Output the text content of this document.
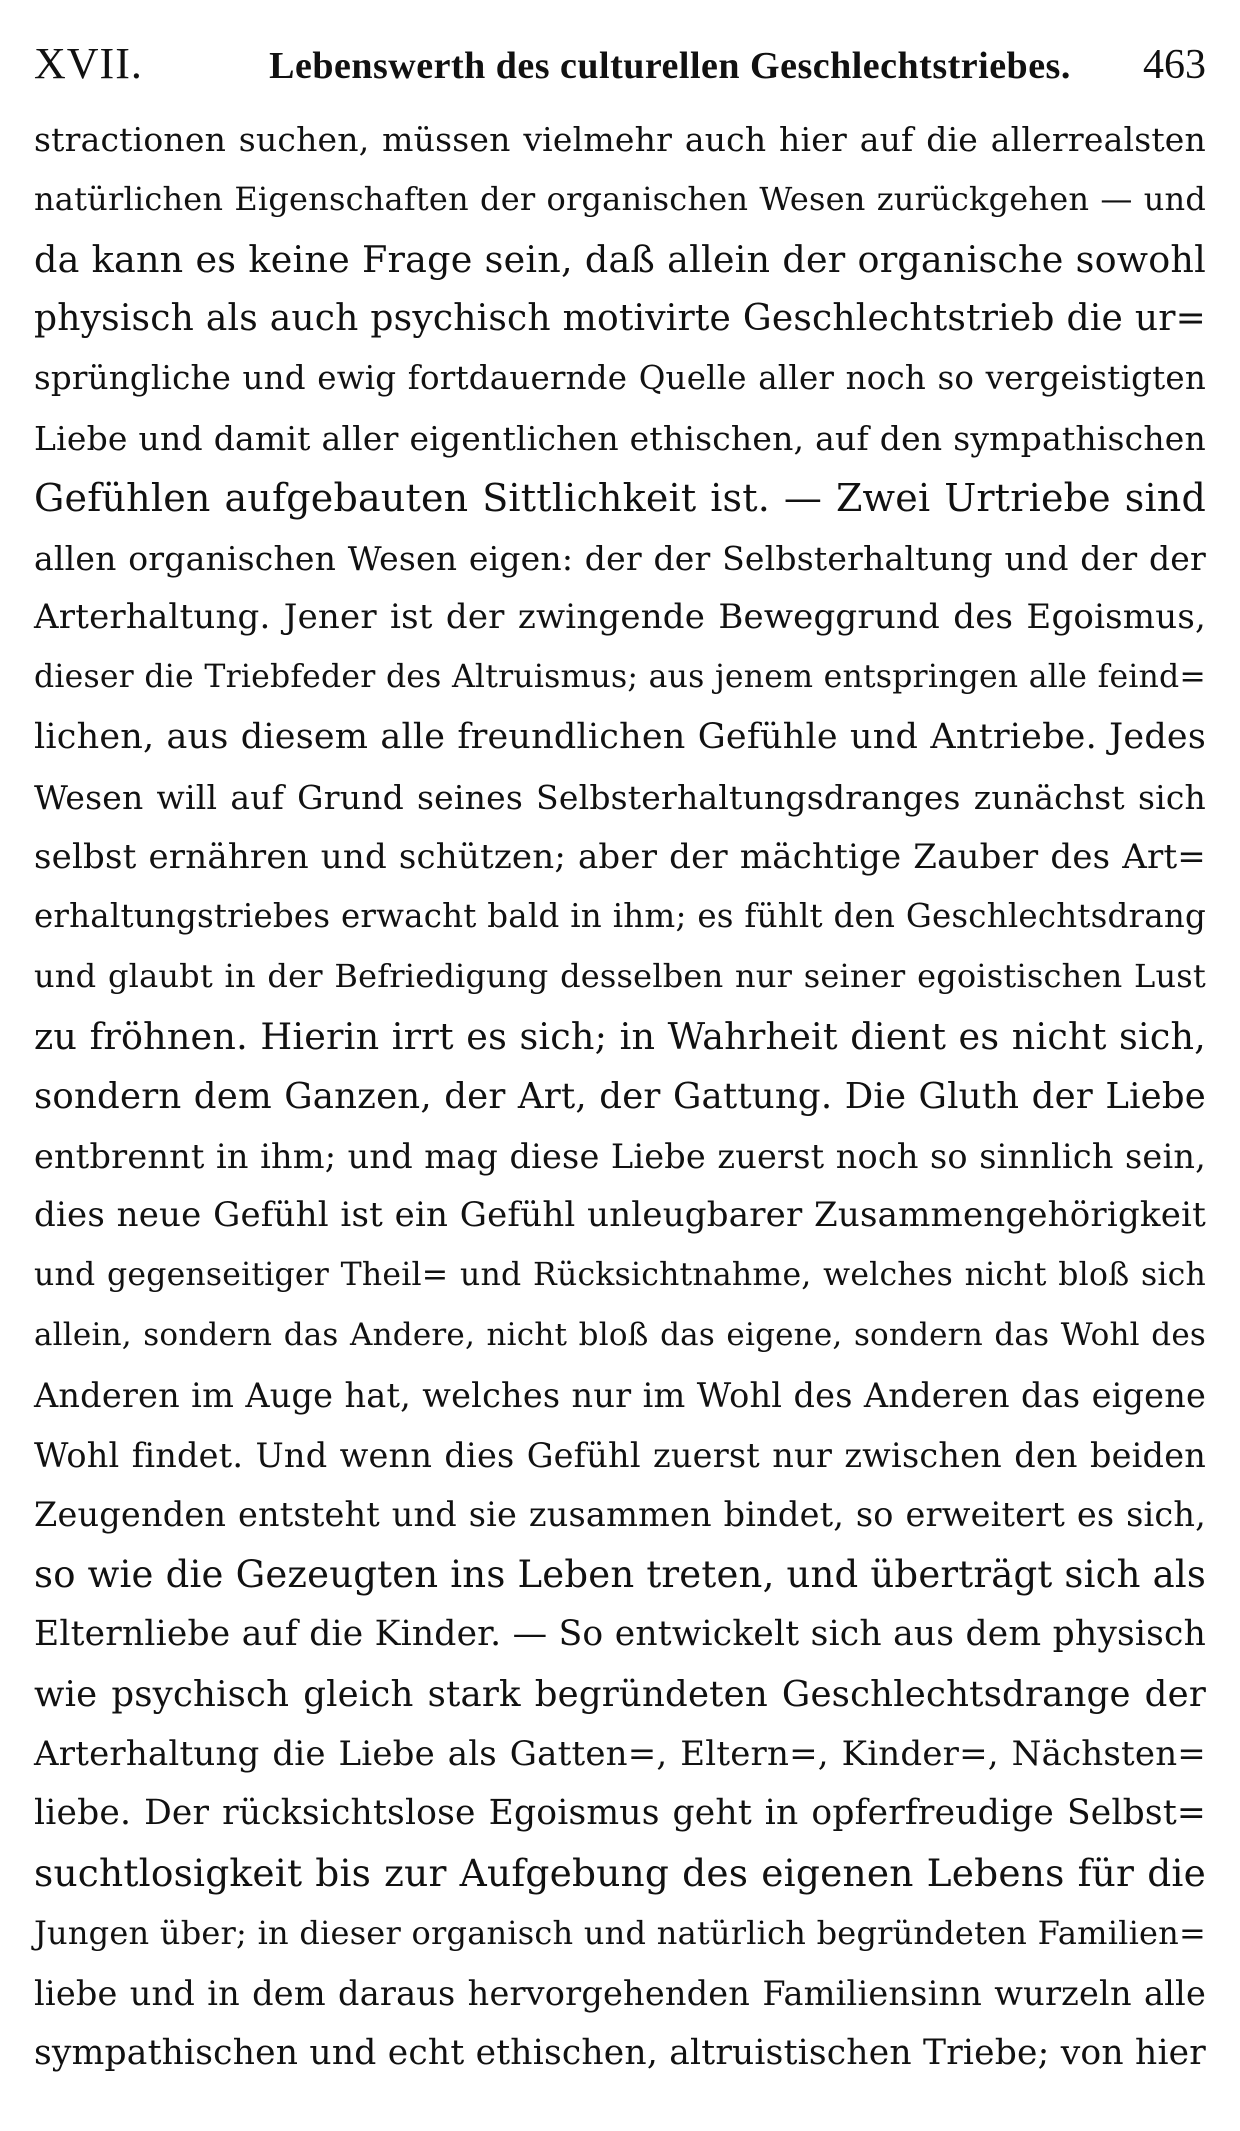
XVII.	Lebenswerth des culturellen Geschlechtstriebes.	463
stractionen suchen, müssen vielmehr auch hier auf die allerrealsten
natürlichen Eigenschaften der organischen Wesen zurückgehen — und
da kann es keine Frage sein, daß allein der organische sowohl
physisch als auch psychisch motivirte Geschlechtstrieb die ur=
sprüngliche und ewig fortdauernde Quelle aller noch so vergeistigten
Liebe und damit aller eigentlichen ethischen, auf den sympathischen
Gefühlen aufgebauten Sittlichkeit ist. — Zwei Urtriebe sind
allen organischen Wesen eigen: der der Selbsterhaltung und der der
Arterhaltung. Jener ist der zwingende Beweggrund des Egoismus,
dieser die Triebfeder des Altruismus; aus jenem entspringen alle feind=
lichen, aus diesem alle freundlichen Gefühle und Antriebe. Jedes
Wesen will auf Grund seines Selbsterhaltungsdranges zunächst sich
selbst ernähren und schützen; aber der mächtige Zauber des Art=
erhaltungstriebes erwacht bald in ihm; es fühlt den Geschlechtsdrang
und glaubt in der Befriedigung desselben nur seiner egoistischen Lust
zu fröhnen. Hierin irrt es sich; in Wahrheit dient es nicht sich,
sondern dem Ganzen, der Art, der Gattung. Die Gluth der Liebe
entbrennt in ihm; und mag diese Liebe zuerst noch so sinnlich sein,
dies neue Gefühl ist ein Gefühl unleugbarer Zusammengehörigkeit
und gegenseitiger Theil= und Rücksichtnahme, welches nicht bloß sich
allein, sondern das Andere, nicht bloß das eigene, sondern das Wohl des
Anderen im Auge hat, welches nur im Wohl des Anderen das eigene
Wohl findet. Und wenn dies Gefühl zuerst nur zwischen den beiden
Zeugenden entsteht und sie zusammen bindet, so erweitert es sich,
so wie die Gezeugten ins Leben treten, und überträgt sich als
Elternliebe auf die Kinder. — So entwickelt sich aus dem physisch
wie psychisch gleich stark begründeten Geschlechtsdrange der
Arterhaltung die Liebe als Gatten=, Eltern=, Kinder=, Nächsten=
liebe. Der rücksichtslose Egoismus geht in opferfreudige Selbst=
suchtlosigkeit bis zur Aufgebung des eigenen Lebens für die
Jungen über; in dieser organisch und natürlich begründeten Familien=
liebe und in dem daraus hervorgehenden Familiensinn wurzeln alle
sympathischen und echt ethischen, altruistischen Triebe; von hier
